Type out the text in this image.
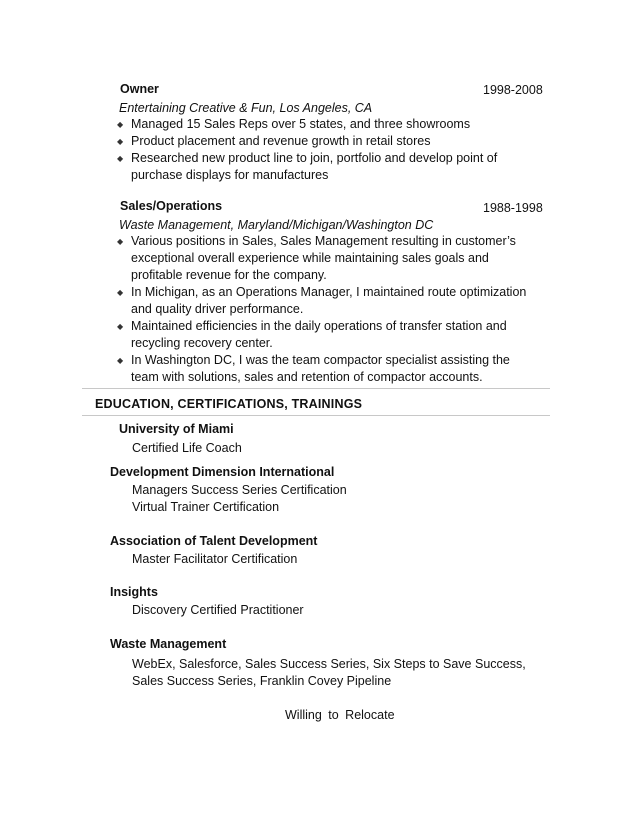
Owner	1998-2008
Entertaining Creative & Fun, Los Angeles, CA
◆ Managed 15 Sales Reps over 5 states, and three showrooms
◆ Product placement and revenue growth in retail stores
◆ Researched new product line to join, portfolio and develop point of purchase displays for manufactures
Sales/Operations	1988-1998
Waste Management, Maryland/Michigan/Washington DC
◆ Various positions in Sales, Sales Management resulting in customer’s exceptional overall experience while maintaining sales goals and profitable revenue for the company.
◆ In Michigan, as an Operations Manager, I maintained route optimization and quality driver performance.
◆ Maintained efficiencies in the daily operations of transfer station and recycling recovery center.
◆ In Washington DC, I was the team compactor specialist assisting the team with solutions, sales and retention of compactor accounts.
EDUCATION, CERTIFICATIONS, TRAININGS
University of Miami
Certified Life Coach
Development Dimension International
Managers Success Series Certification
Virtual Trainer Certification
Association of Talent Development
Master Facilitator Certification
Insights
Discovery Certified Practitioner
Waste Management
WebEx, Salesforce, Sales Success Series, Six Steps to Save Success,
Sales Success Series, Franklin Covey Pipeline
Willing to Relocate
